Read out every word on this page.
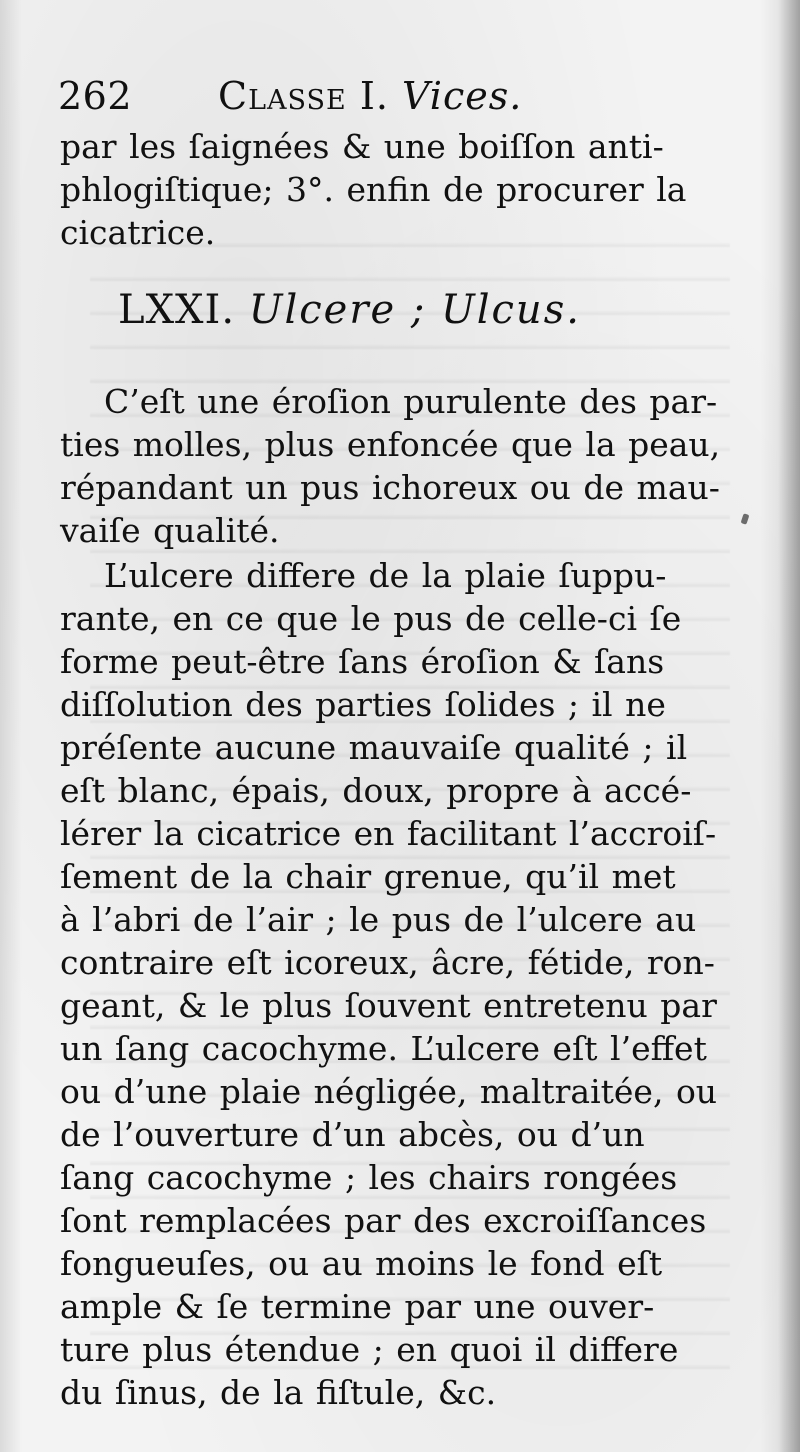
262 Classe I. Vices.
par les ſaignées & une boiſſon anti-
phlogiſtique; 3°. enfin de procurer la
cicatrice.
LXXI. Ulcere ; Ulcus.
C’eſt une éroſion purulente des par-
ties molles, plus enfoncée que la peau,
répandant un pus ichoreux ou de mau-
vaiſe qualité.
L’ulcere differe de la plaie ſuppu-
rante, en ce que le pus de celle-ci ſe
forme peut-être ſans éroſion & ſans
diſſolution des parties ſolides ; il ne
préſente aucune mauvaiſe qualité ; il
eſt blanc, épais, doux, propre à accé-
lérer la cicatrice en facilitant l’accroiſ-
ſement de la chair grenue, qu’il met
à l’abri de l’air ; le pus de l’ulcere au
contraire eſt icoreux, âcre, fétide, ron-
geant, & le plus ſouvent entretenu par
un ſang cacochyme. L’ulcere eſt l’effet
ou d’une plaie négligée, maltraitée, ou
de l’ouverture d’un abcès, ou d’un
ſang cacochyme ; les chairs rongées
ſont remplacées par des excroiſſances
fongueuſes, ou au moins le fond eſt
ample & ſe termine par une ouver-
ture plus étendue ; en quoi il differe
du ſinus, de la fiſtule, &c.
